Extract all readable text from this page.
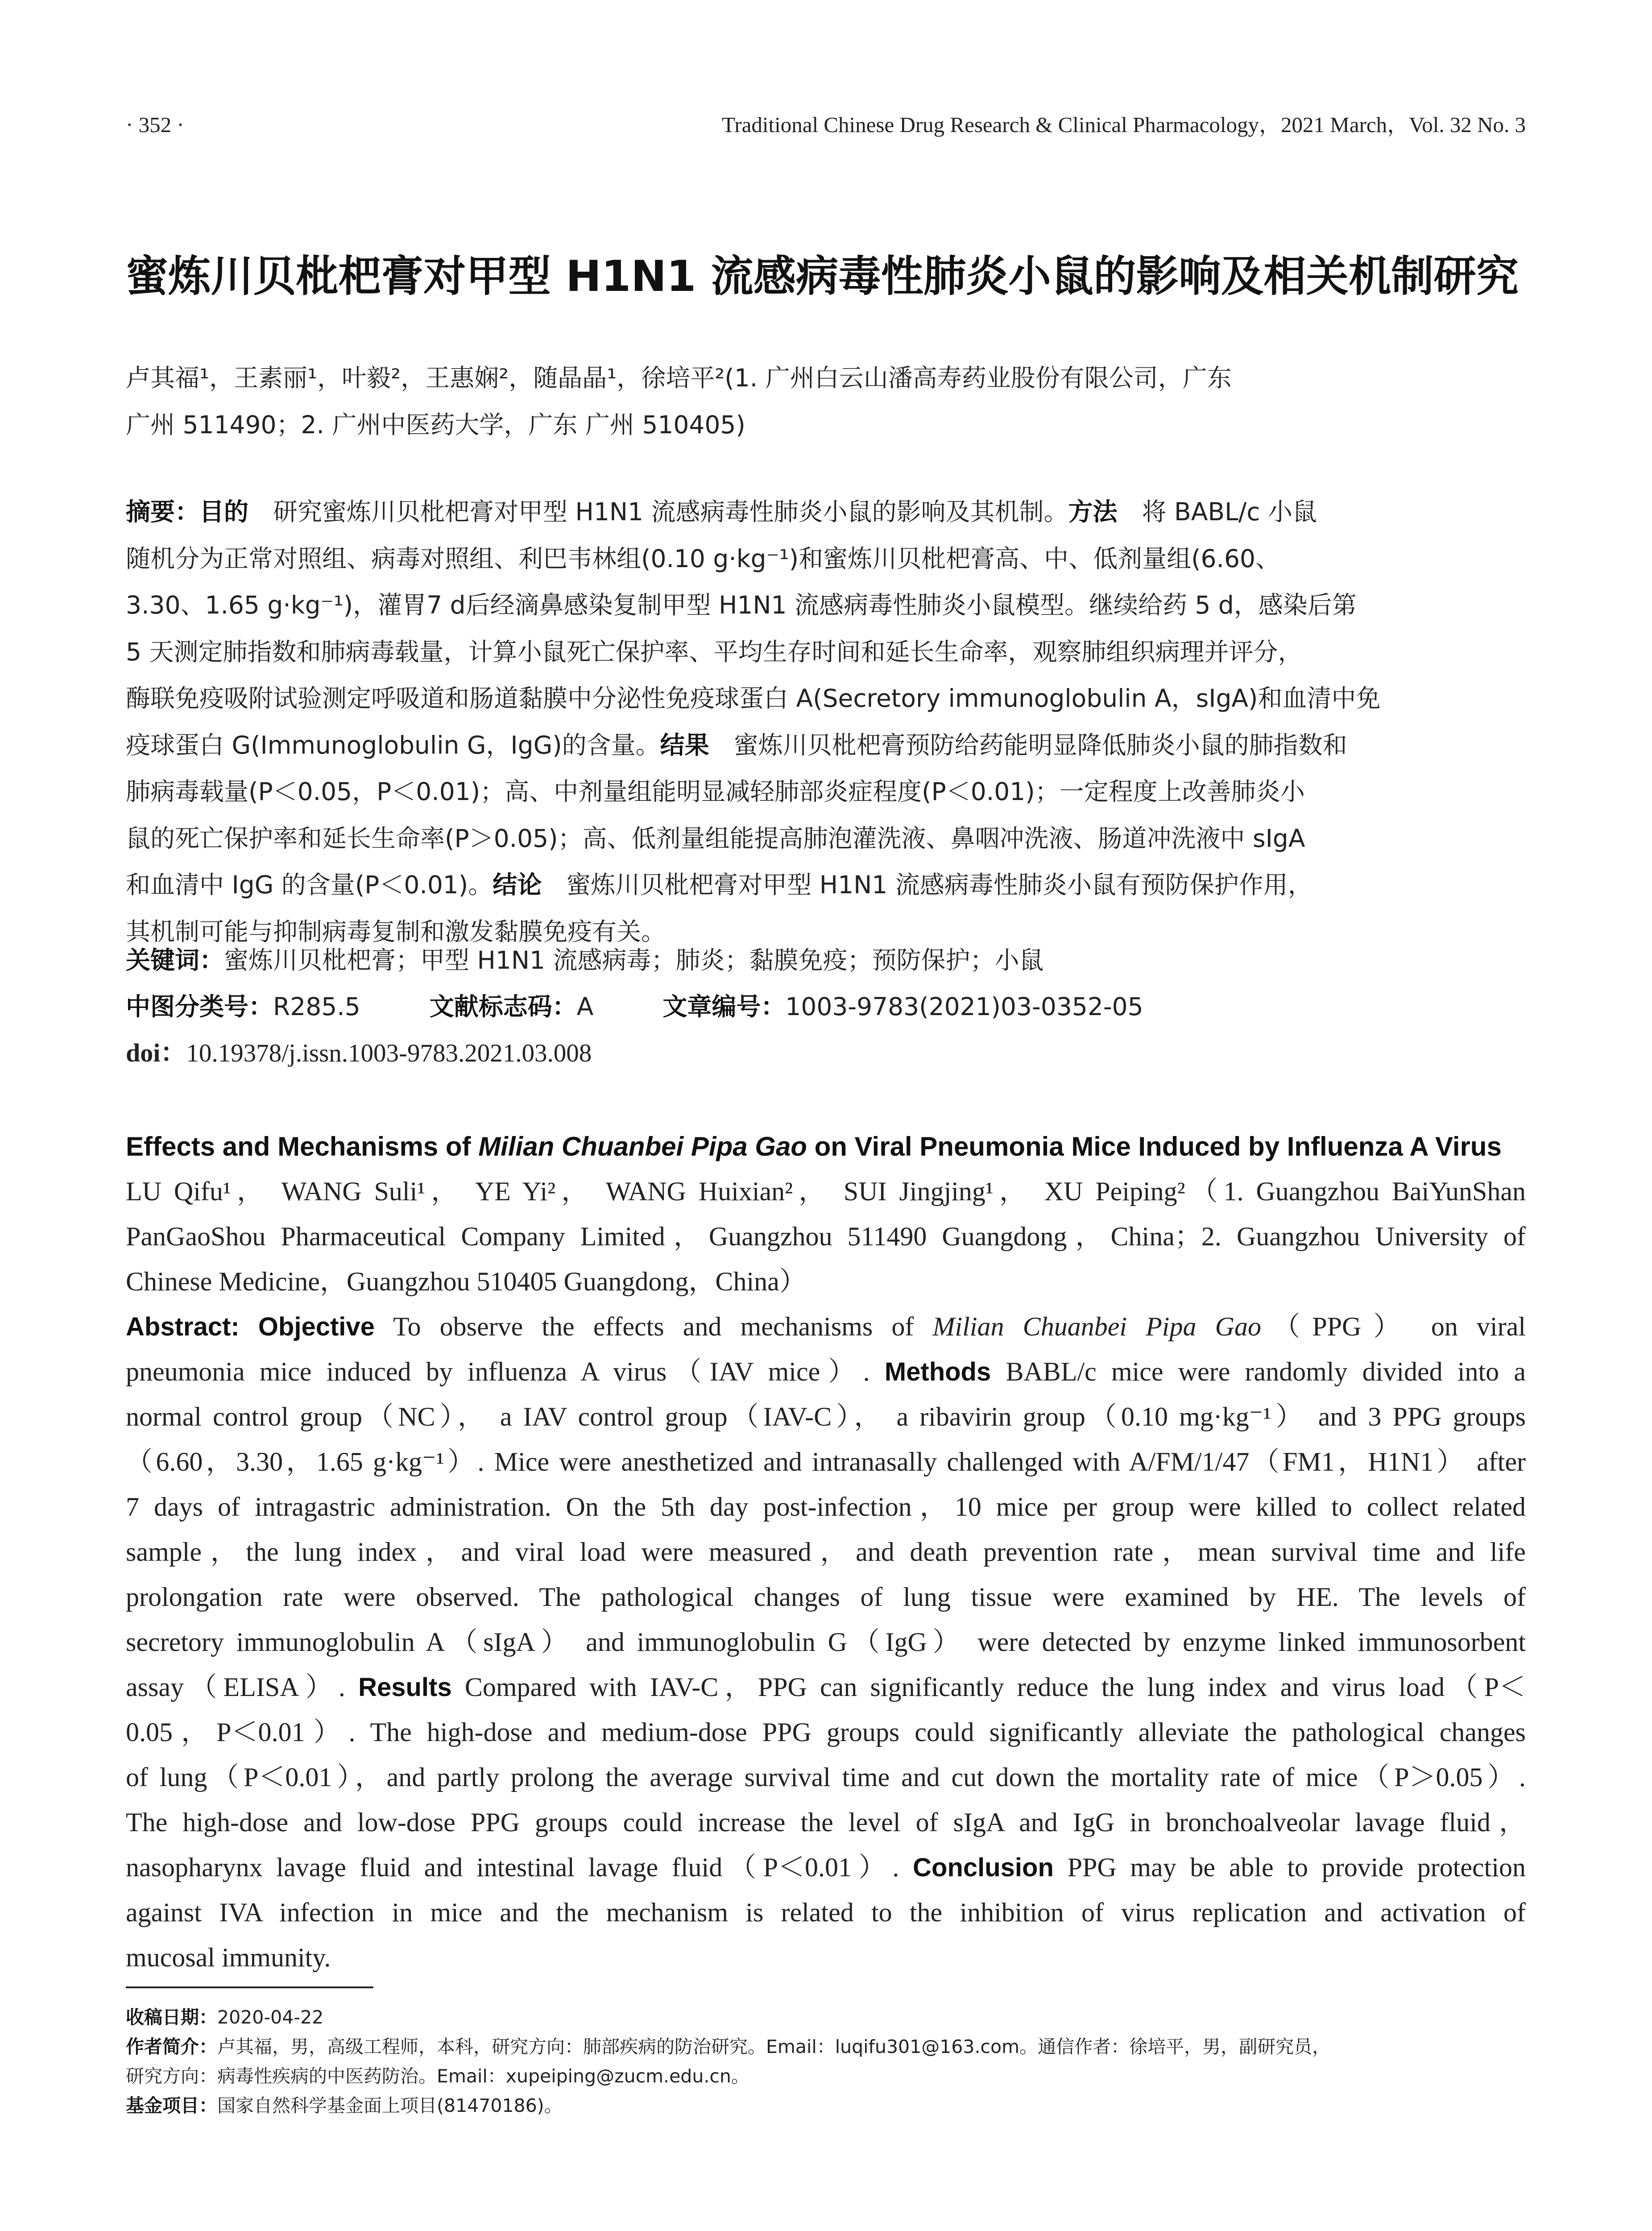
· 352 ·	Traditional Chinese Drug Research & Clinical Pharmacology，2021 March，Vol. 32 No. 3
蜜炼川贝枇杷膏对甲型 H1N1 流感病毒性肺炎小鼠的影响及相关机制研究
卢其福¹，王素丽¹，叶毅²，王惠娴²，随晶晶¹，徐培平²(1. 广州白云山潘高寿药业股份有限公司，广东
广州 511490；2. 广州中医药大学，广东 广州 510405)
摘要：目的 研究蜜炼川贝枇杷膏对甲型 H1N1 流感病毒性肺炎小鼠的影响及其机制。方法 将 BABL/c 小鼠
随机分为正常对照组、病毒对照组、利巴韦林组(0.10 g·kg⁻¹)和蜜炼川贝枇杷膏高、中、低剂量组(6.60、
3.30、1.65 g·kg⁻¹)，灌胃7 d后经滴鼻感染复制甲型 H1N1 流感病毒性肺炎小鼠模型。继续给药 5 d，感染后第
5 天测定肺指数和肺病毒载量，计算小鼠死亡保护率、平均生存时间和延长生命率，观察肺组织病理并评分，
酶联免疫吸附试验测定呼吸道和肠道黏膜中分泌性免疫球蛋白 A(Secretory immunoglobulin A，sIgA)和血清中免
疫球蛋白 G(Immunoglobulin G，IgG)的含量。结果 蜜炼川贝枇杷膏预防给药能明显降低肺炎小鼠的肺指数和
肺病毒载量(P＜0.05，P＜0.01)；高、中剂量组能明显减轻肺部炎症程度(P＜0.01)；一定程度上改善肺炎小
鼠的死亡保护率和延长生命率(P＞0.05)；高、低剂量组能提高肺泡灌洗液、鼻咽冲洗液、肠道冲洗液中 sIgA
和血清中 IgG 的含量(P＜0.01)。结论 蜜炼川贝枇杷膏对甲型 H1N1 流感病毒性肺炎小鼠有预防保护作用，
其机制可能与抑制病毒复制和激发黏膜免疫有关。
关键词：蜜炼川贝枇杷膏；甲型 H1N1 流感病毒；肺炎；黏膜免疫；预防保护；小鼠
中图分类号：R285.5	文献标志码：A	文章编号：1003-9783(2021)03-0352-05
doi：10.19378/j.issn.1003-9783.2021.03.008
Effects and Mechanisms of Milian Chuanbei Pipa Gao on Viral Pneumonia Mice Induced by Influenza A Virus
LU Qifu¹， WANG Suli¹， YE Yi²， WANG Huixian²， SUI Jingjing¹， XU Peiping²（1. Guangzhou BaiYunShan
PanGaoShou Pharmaceutical Company Limited，Guangzhou 511490 Guangdong，China；2. Guangzhou University of
Chinese Medicine，Guangzhou 510405 Guangdong，China）
Abstract: Objective To observe the effects and mechanisms of Milian Chuanbei Pipa Gao（PPG） on viral
pneumonia mice induced by influenza A virus（IAV mice）. Methods BABL/c mice were randomly divided into a
normal control group（NC）， a IAV control group（IAV-C）， a ribavirin group（0.10 mg·kg⁻¹） and 3 PPG groups
（6.60，3.30，1.65 g·kg⁻¹）. Mice were anesthetized and intranasally challenged with A/FM/1/47（FM1，H1N1） after
7 days of intragastric administration. On the 5th day post-infection，10 mice per group were killed to collect related
sample，the lung index，and viral load were measured，and death prevention rate，mean survival time and life
prolongation rate were observed. The pathological changes of lung tissue were examined by HE. The levels of
secretory immunoglobulin A（sIgA） and immunoglobulin G（IgG） were detected by enzyme linked immunosorbent
assay（ELISA）. Results Compared with IAV-C，PPG can significantly reduce the lung index and virus load（P＜
0.05，P＜0.01）. The high-dose and medium-dose PPG groups could significantly alleviate the pathological changes
of lung（P＜0.01），and partly prolong the average survival time and cut down the mortality rate of mice（P＞0.05）.
The high-dose and low-dose PPG groups could increase the level of sIgA and IgG in bronchoalveolar lavage fluid，
nasopharynx lavage fluid and intestinal lavage fluid（P＜0.01）. Conclusion PPG may be able to provide protection
against IVA infection in mice and the mechanism is related to the inhibition of virus replication and activation of
mucosal immunity.
收稿日期：2020-04-22
作者简介：卢其福，男，高级工程师，本科，研究方向：肺部疾病的防治研究。Email：luqifu301@163.com。通信作者：徐培平，男，副研究员，
研究方向：病毒性疾病的中医药防治。Email：xupeiping@zucm.edu.cn。
基金项目：国家自然科学基金面上项目(81470186)。
